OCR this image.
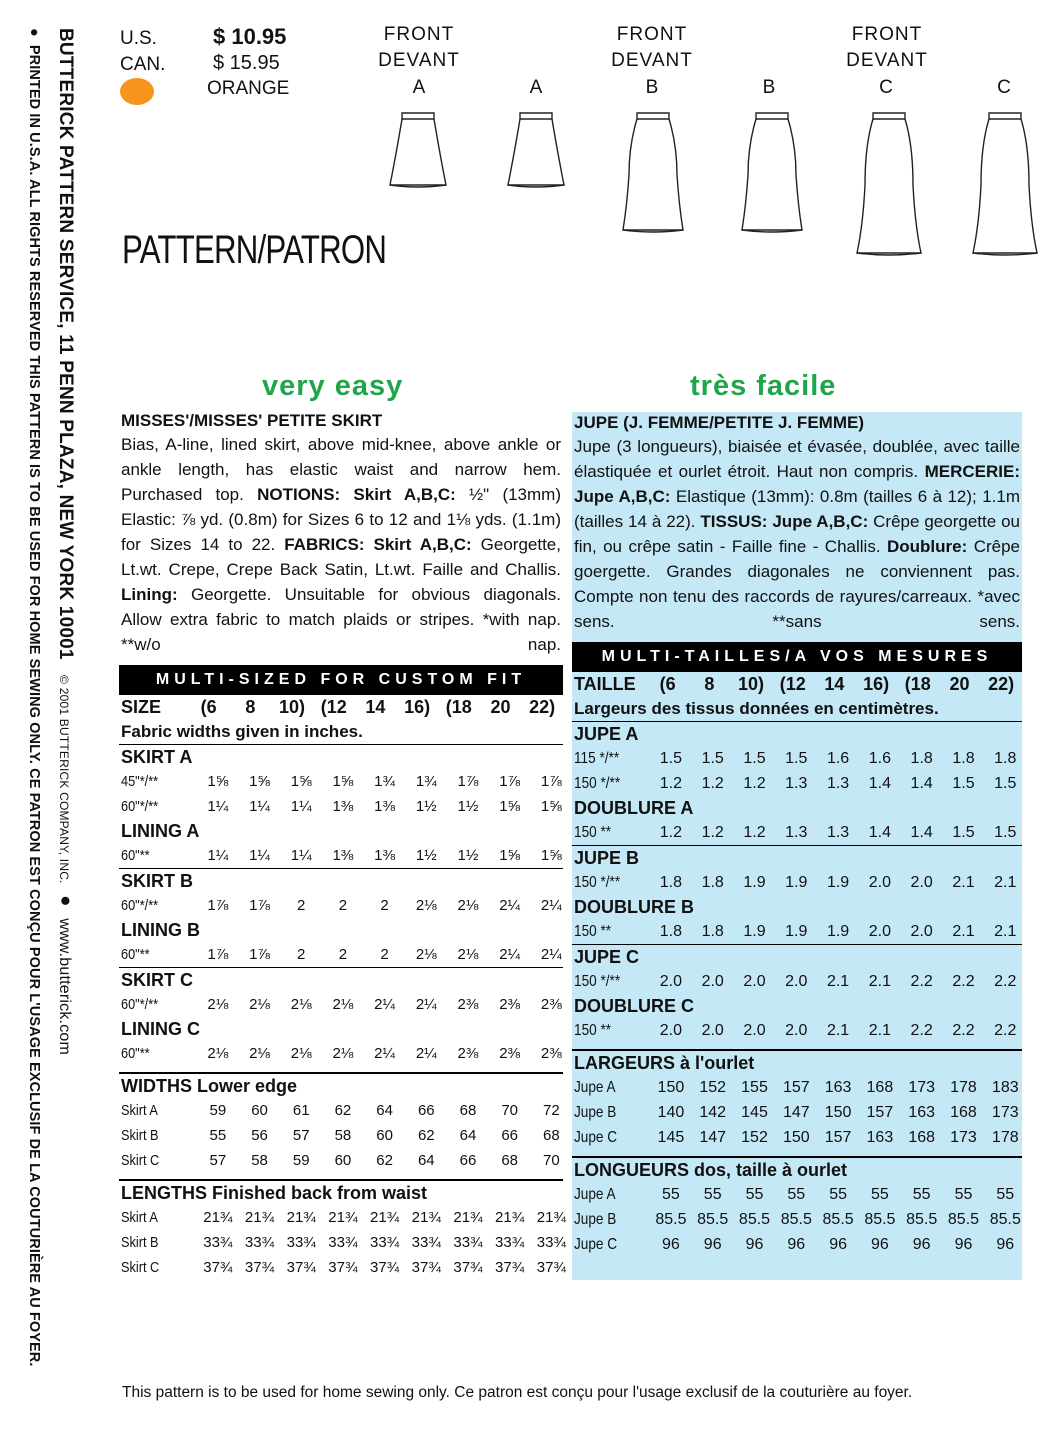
BUTTERICK PATTERN SERVICE, 11 PENN PLAZA, NEW YORK 10001 © 2001 BUTTERICK COMPANY, INC. ● www.butterick.com
●PRINTED IN U.S.A. ALL RIGHTS RESERVED THIS PATTERN IS TO BE USED FOR HOME SEWING ONLY. CE PATRON EST CONÇU POUR L'USAGE EXCLUSIF DE LA COUTURIÈRE AU FOYER.
U.S.	$ 10.95
CAN. $ 15.95
ORANGE
FRONT
DEVANT
FRONT
DEVANT
FRONT
DEVANT
A	A	B	B	C	C
PATTERN/PATRON
very easy	très facile
MISSES'/MISSES' PETITE SKIRT
Bias, A-line, lined skirt, above mid-knee, above ankle or ankle length, has elastic waist and narrow hem. Purchased top. NOTIONS: Skirt A,B,C: ½" (13mm) Elastic: ⅞ yd. (0.8m) for Sizes 6 to 12 and 1⅛ yds. (1.1m) for Sizes 14 to 22. FABRICS: Skirt A,B,C: Georgette, Lt.wt. Crepe, Crepe Back Satin, Lt.wt. Faille and Challis. Lining: Georgette. Unsuitable for obvious diagonals. Allow extra fabric to match plaids or stripes. *with nap. **w/o nap.
MULTI-SIZED FOR CUSTOM FIT
SIZE	(6	8	10) (12	14	16) (18	20	22)
Fabric widths given in inches.
SKIRT A
45"*/**	1⅝	1⅝	1⅝	1⅝	1¾	1¾	1⅞	1⅞	1⅞
60"*/**	1¼	1¼	1¼	1⅜	1⅜	1½	1½	1⅝	1⅝
LINING A
60"**	1¼	1¼	1¼	1⅜	1⅜	1½	1½	1⅝	1⅝
SKIRT B
60"*/**	1⅞	1⅞	2	2	2	2⅛	2⅛	2¼	2¼
LINING B
60"**	1⅞	1⅞	2	2	2	2⅛	2⅛	2¼	2¼
SKIRT C
60"*/**	2⅛	2⅛	2⅛	2⅛	2¼	2¼	2⅜	2⅜	2⅜
LINING C
60"**	2⅛	2⅛	2⅛	2⅛	2¼	2¼	2⅜	2⅜	2⅜
WIDTHS Lower edge
Skirt A	59	60	61	62	64	66	68	70	72
Skirt B	55	56	57	58	60	62	64	66	68
Skirt C	57	58	59	60	62	64	66	68	70
LENGTHS Finished back from waist
Skirt A	21¾ 21¾ 21¾ 21¾ 21¾ 21¾ 21¾ 21¾ 21¾
Skirt B	33¾ 33¾ 33¾ 33¾ 33¾ 33¾ 33¾ 33¾ 33¾
Skirt C	37¾ 37¾ 37¾ 37¾ 37¾ 37¾ 37¾ 37¾ 37¾
JUPE (J. FEMME/PETITE J. FEMME)
Jupe (3 longueurs), biaisée et évasée, doublée, avec taille élastiquée et ourlet étroit. Haut non compris. MERCERIE: Jupe A,B,C: Elastique (13mm): 0.8m (tailles 6 à 12); 1.1m (tailles 14 à 22). TISSUS: Jupe A,B,C: Crêpe georgette ou fin, ou crêpe satin - Faille fine - Challis. Doublure: Crêpe goergette. Grandes diagonales ne conviennent pas. Compte non tenu des raccords de rayures/carreaux. *avec sens. **sans sens.
MULTI-TAILLES/A VOS MESURES
TAILLE	(6	8	10) (12	14	16) (18	20	22)
Largeurs des tissus données en centimètres.
JUPE A
115 */**	1.5	1.5	1.5	1.5	1.6	1.6	1.8	1.8	1.8
150 */**	1.2	1.2	1.2	1.3	1.3	1.4	1.4	1.5	1.5
DOUBLURE A
150 **	1.2	1.2	1.2	1.3	1.3	1.4	1.4	1.5	1.5
JUPE B
150 */**	1.8	1.8	1.9	1.9	1.9	2.0	2.0	2.1	2.1
DOUBLURE B
150 **	1.8	1.8	1.9	1.9	1.9	2.0	2.0	2.1	2.1
JUPE C
150 */**	2.0	2.0	2.0	2.0	2.1	2.1	2.2	2.2	2.2
DOUBLURE C
150 **	2.0	2.0	2.0	2.0	2.1	2.1	2.2	2.2	2.2
LARGEURS à l'ourlet
Jupe A	150 152 155 157 163 168 173 178 183
Jupe B	140 142 145 147 150 157 163 168 173
Jupe C	145 147 152 150 157 163 168 173 178
LONGUEURS dos, taille à ourlet
Jupe A	55	55	55	55	55	55	55	55	55
Jupe B	85.5 85.5 85.5 85.5 85.5 85.5 85.5 85.5 85.5
Jupe C	96	96	96	96	96	96	96	96	96
This pattern is to be used for home sewing only. Ce patron est conçu pour l'usage exclusif de la couturière au foyer.
